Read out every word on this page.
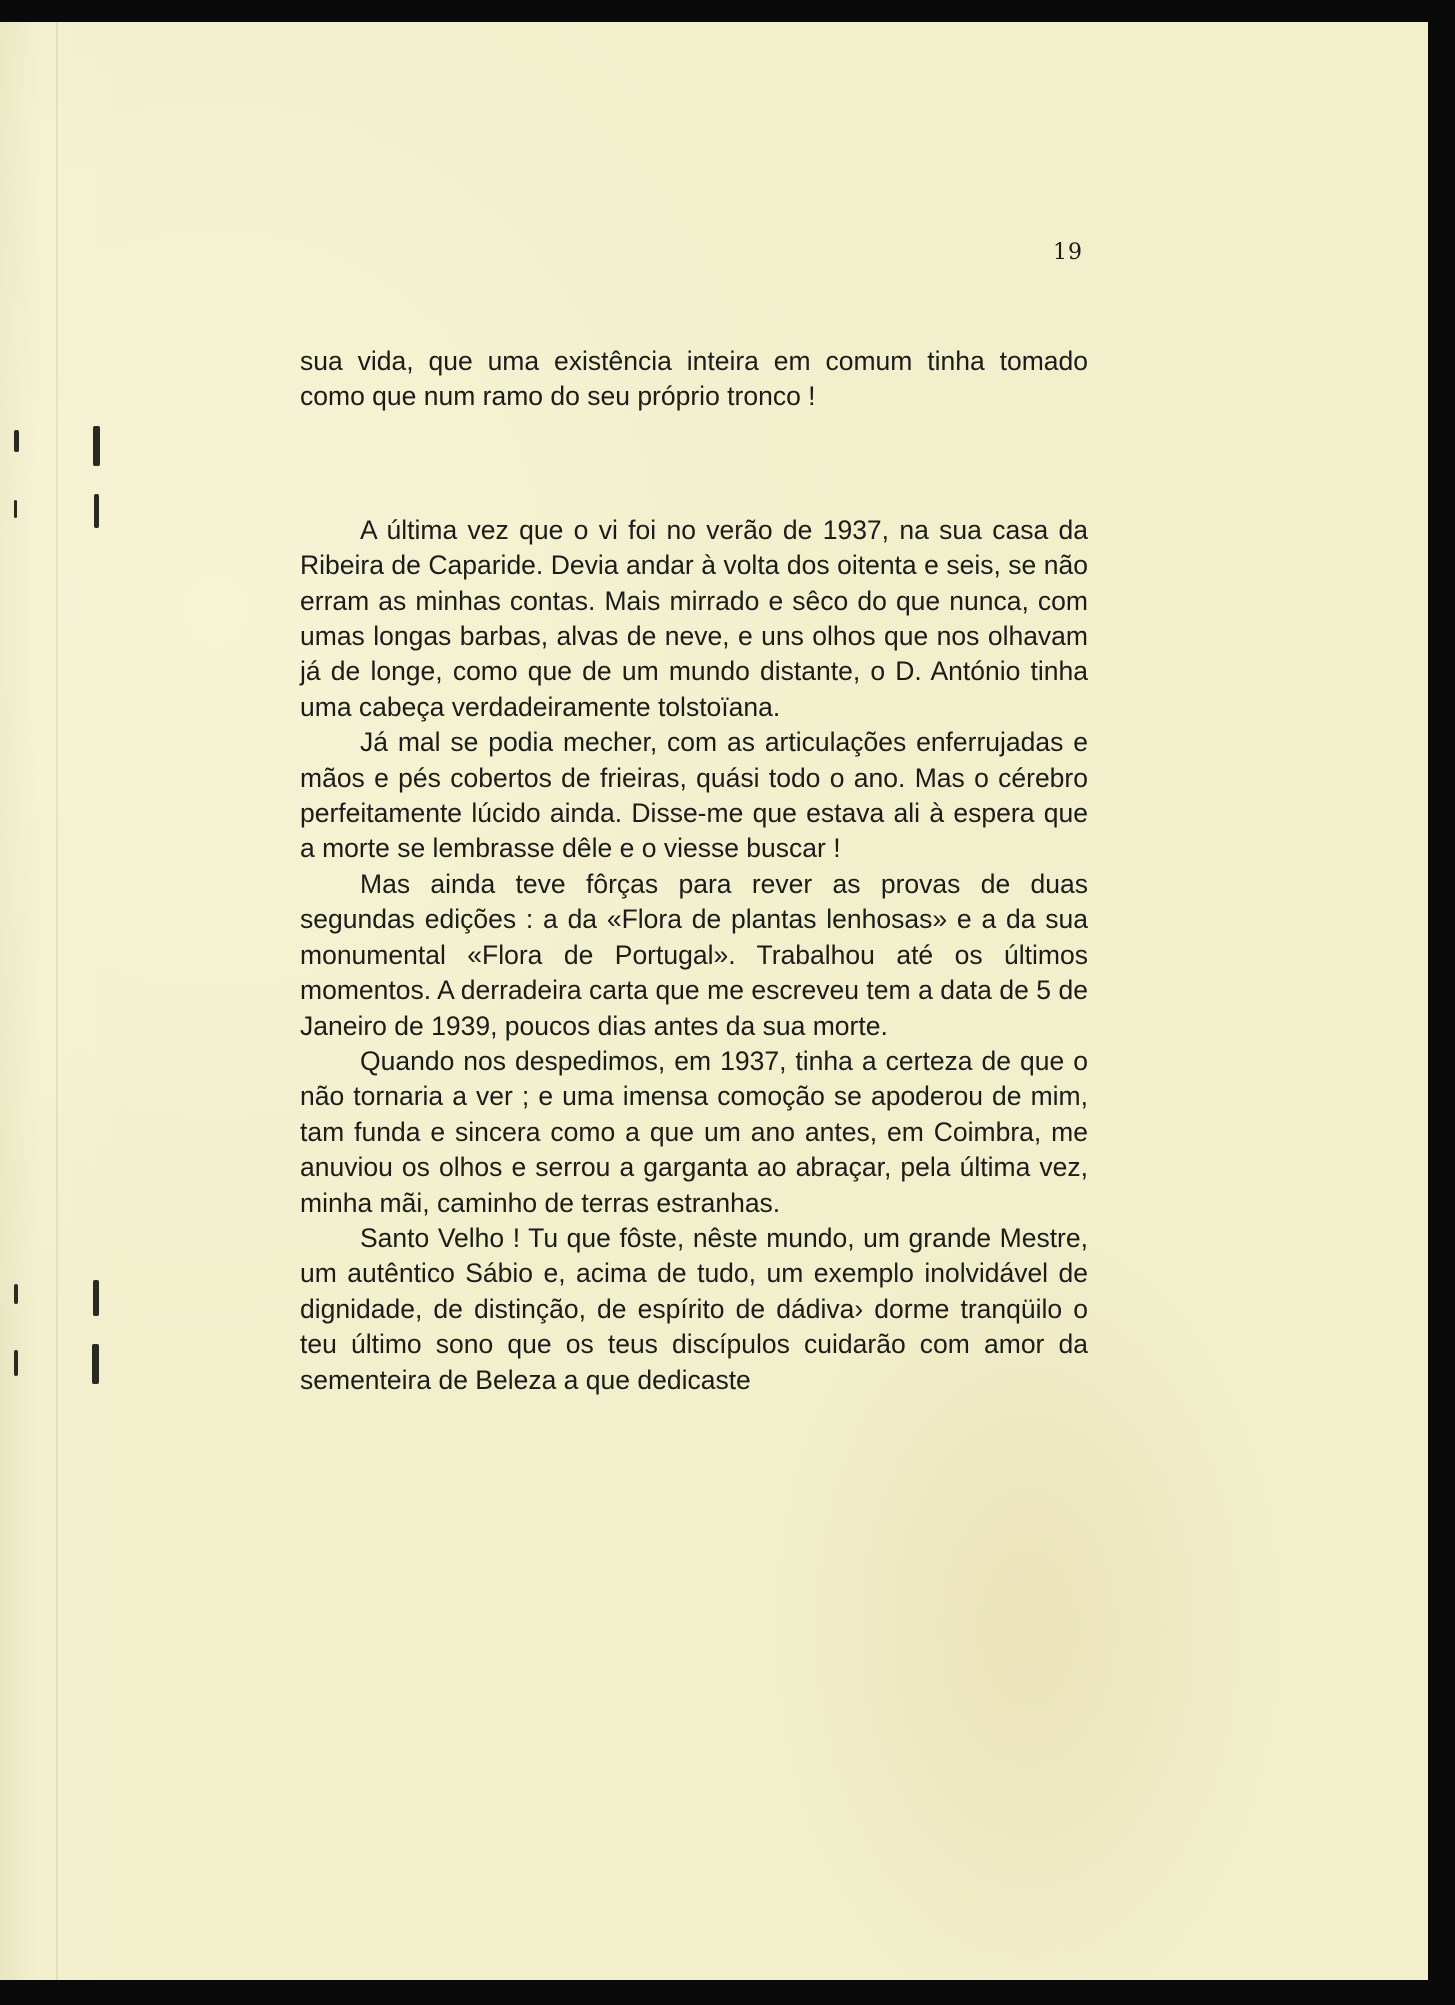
19

sua vida, que uma existência inteira em comum tinha tomado como que num ramo do seu próprio tronco !

A última vez que o vi foi no verão de 1937, na sua casa da Ribeira de Caparide. Devia andar à volta dos oitenta e seis, se não erram as minhas contas. Mais mirrado e sêco do que nunca, com umas longas barbas, alvas de neve, e uns olhos que nos olhavam já de longe, como que de um mundo distante, o D. António tinha uma cabeça verdadeiramente tolstoïana.

Já mal se podia mecher, com as articulações enferrujadas e mãos e pés cobertos de frieiras, quási todo o ano. Mas o cérebro perfeitamente lúcido ainda. Disse-me que estava ali à espera que a morte se lembrasse dêle e o viesse buscar !

Mas ainda teve fôrças para rever as provas de duas segundas edições : a da «Flora de plantas lenhosas» e a da sua monumental «Flora de Portugal». Trabalhou até os últimos momentos. A derradeira carta que me escreveu tem a data de 5 de Janeiro de 1939, poucos dias antes da sua morte.

Quando nos despedimos, em 1937, tinha a certeza de que o não tornaria a ver ; e uma imensa comoção se apoderou de mim, tam funda e sincera como a que um ano antes, em Coimbra, me anuviou os olhos e serrou a garganta ao abraçar, pela última vez, minha mãi, caminho de terras estranhas.

Santo Velho ! Tu que fôste, nêste mundo, um grande Mestre, um autêntico Sábio e, acima de tudo, um exemplo inolvidável de dignidade, de distinção, de espírito de dádiva› dorme tranqüilo o teu último sono que os teus discípulos cuidarão com amor da sementeira de Beleza a que dedicaste
